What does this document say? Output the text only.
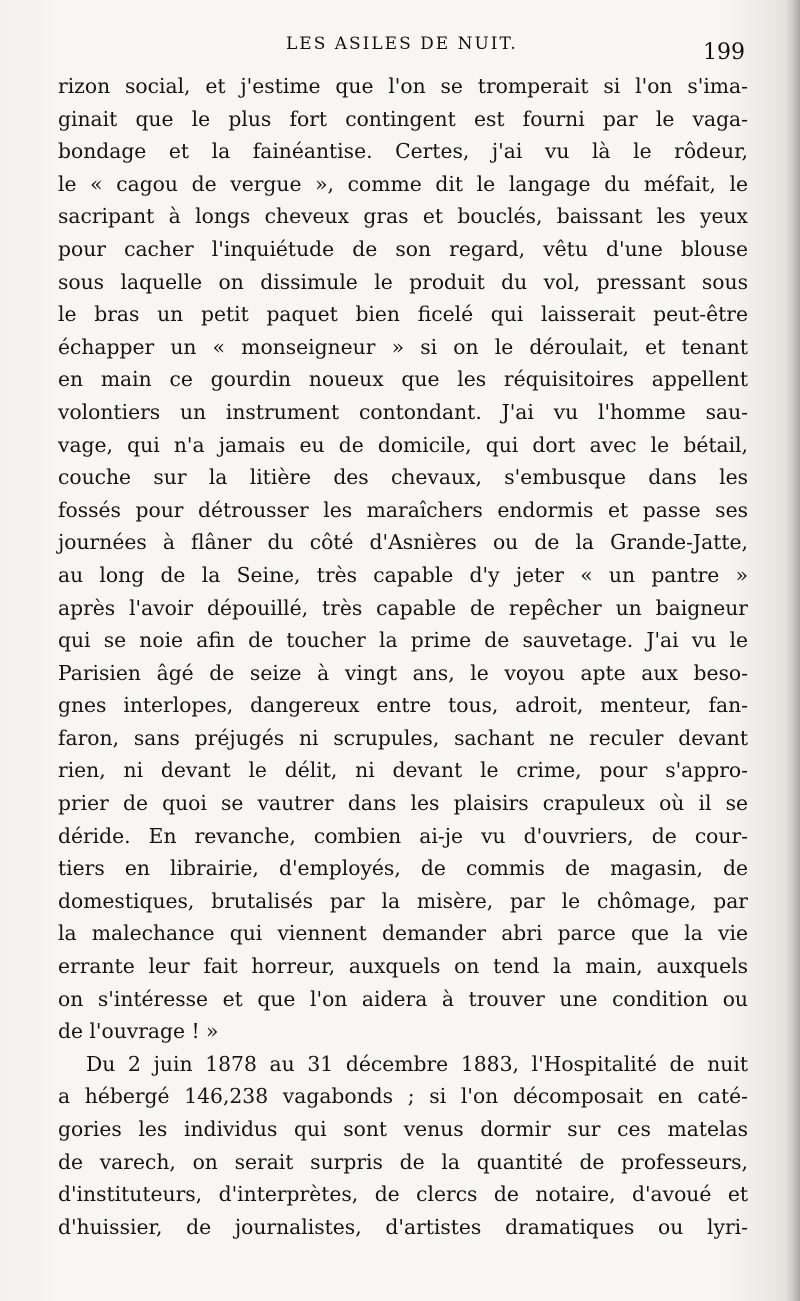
LES ASILES DE NUIT.	199
rizon social, et j'estime que l'on se tromperait si l'on s'ima-
ginait que le plus fort contingent est fourni par le vaga-
bondage et la fainéantise. Certes, j'ai vu là le rôdeur,
le « cagou de vergue », comme dit le langage du méfait, le
sacripant à longs cheveux gras et bouclés, baissant les yeux
pour cacher l'inquiétude de son regard, vêtu d'une blouse
sous laquelle on dissimule le produit du vol, pressant sous
le bras un petit paquet bien ficelé qui laisserait peut-être
échapper un « monseigneur » si on le déroulait, et tenant
en main ce gourdin noueux que les réquisitoires appellent
volontiers un instrument contondant. J'ai vu l'homme sau-
vage, qui n'a jamais eu de domicile, qui dort avec le bétail,
couche sur la litière des chevaux, s'embusque dans les
fossés pour détrousser les maraîchers endormis et passe ses
journées à flâner du côté d'Asnières ou de la Grande-Jatte,
au long de la Seine, très capable d'y jeter « un pantre »
après l'avoir dépouillé, très capable de repêcher un baigneur
qui se noie afin de toucher la prime de sauvetage. J'ai vu le
Parisien âgé de seize à vingt ans, le voyou apte aux beso-
gnes interlopes, dangereux entre tous, adroit, menteur, fan-
faron, sans préjugés ni scrupules, sachant ne reculer devant
rien, ni devant le délit, ni devant le crime, pour s'appro-
prier de quoi se vautrer dans les plaisirs crapuleux où il se
déride. En revanche, combien ai-je vu d'ouvriers, de cour-
tiers en librairie, d'employés, de commis de magasin, de
domestiques, brutalisés par la misère, par le chômage, par
la malechance qui viennent demander abri parce que la vie
errante leur fait horreur, auxquels on tend la main, auxquels
on s'intéresse et que l'on aidera à trouver une condition ou
de l'ouvrage ! »
Du 2 juin 1878 au 31 décembre 1883, l'Hospitalité de nuit
a hébergé 146,238 vagabonds ; si l'on décomposait en caté-
gories les individus qui sont venus dormir sur ces matelas
de varech, on serait surpris de la quantité de professeurs,
d'instituteurs, d'interprètes, de clercs de notaire, d'avoué et
d'huissier, de journalistes, d'artistes dramatiques ou lyri-
